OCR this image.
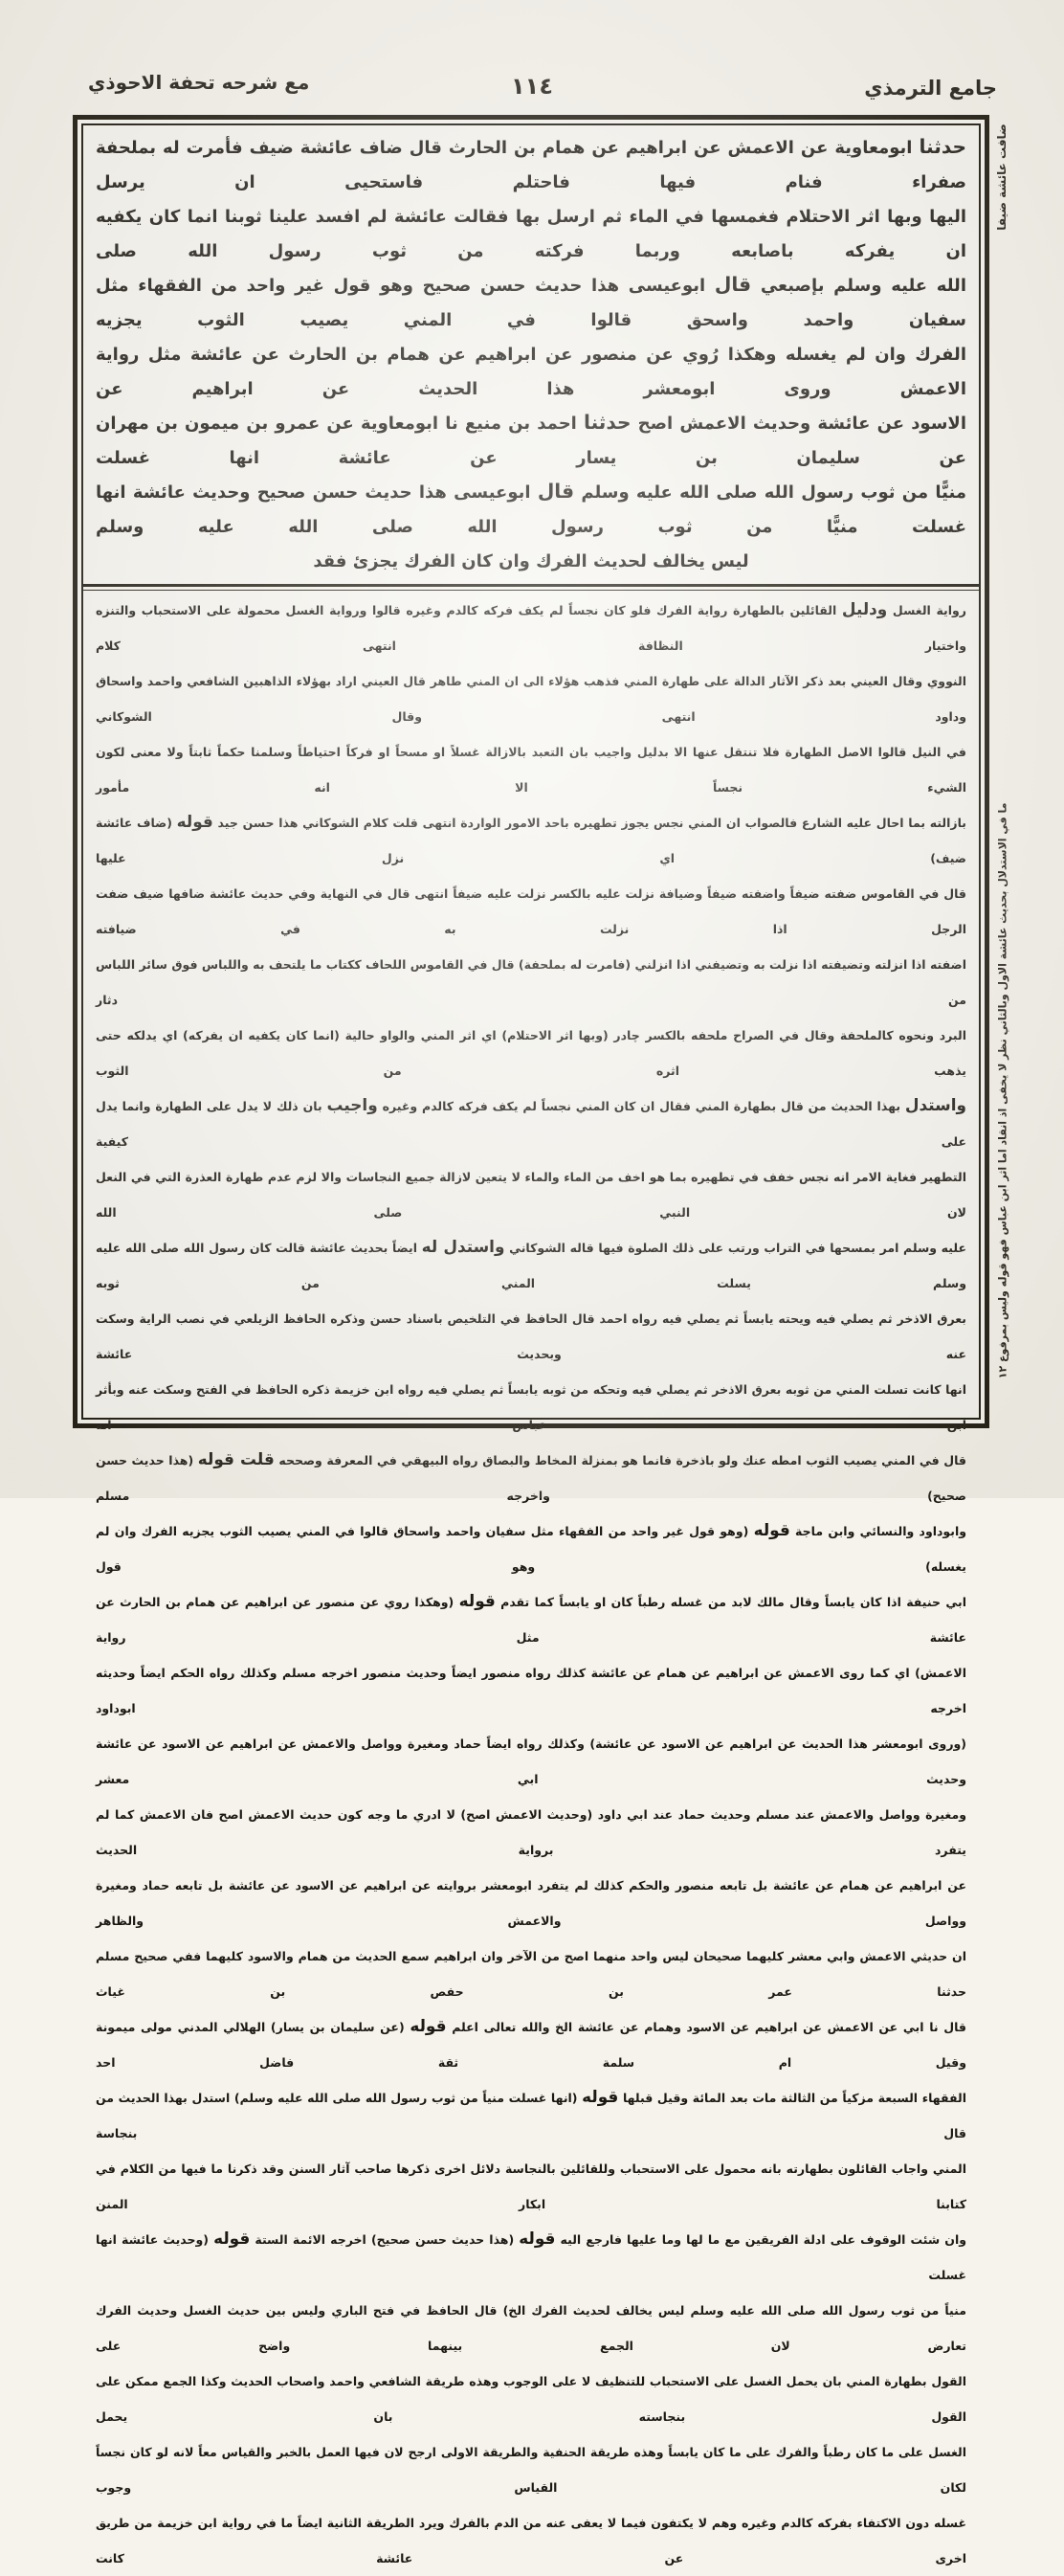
جامع الترمذي
١١٤
مع شرحه تحفة الاحوذي
حدثنا ابومعاوية عن الاعمش عن ابراهيم عن همام بن الحارث قال ضاف عائشة ضيف فأمرت له بملحفة صفراء فنام فيها فاحتلم فاستحيى ان يرسل
اليها وبها اثر الاحتلام فغمسها في الماء ثم ارسل بها فقالت عائشة لم افسد علينا ثوبنا انما كان يكفيه ان يفركه باصابعه وربما فركته من ثوب رسول الله صلى
الله عليه وسلم بإصبعي قال ابوعيسى هذا حديث حسن صحيح وهو قول غير واحد من الفقهاء مثل سفيان واحمد واسحق قالوا في المني يصيب الثوب يجزيه
الفرك وان لم يغسله وهكذا رُوي عن منصور عن ابراهيم عن همام بن الحارث عن عائشة مثل رواية الاعمش وروى ابومعشر هذا الحديث عن ابراهيم عن
الاسود عن عائشة وحديث الاعمش اصح حدثنا احمد بن منيع نا ابومعاوية عن عمرو بن ميمون بن مهران عن سليمان بن يسار عن عائشة انها غسلت
منيًّا من ثوب رسول الله صلى الله عليه وسلم قال ابوعيسى هذا حديث حسن صحيح وحديث عائشة انها غسلت منيًّا من ثوب رسول الله صلى الله عليه وسلم
ليس يخالف لحديث الفرك وان كان الفرك يجزئ فقد
رواية الغسل ودليل القائلين بالطهارة رواية الفرك فلو كان نجساً لم يكف فركه كالدم وغيره قالوا ورواية الغسل محمولة على الاستحباب والتنزه واختيار النظافة انتهى كلام
النووي وقال العيني بعد ذكر الآثار الدالة على طهارة المني فذهب هؤلاء الى ان المني طاهر قال العيني اراد بهؤلاء الذاهبين الشافعي واحمد واسحاق وداود انتهى وقال الشوكاني
في النيل قالوا الاصل الطهارة فلا تنتقل عنها الا بدليل واجيب بان التعبد بالازالة غسلاً او مسحاً او فركاً احتياطاً وسلمنا حكماً ثابتاً ولا معنى لكون الشيء نجساً الا انه مأمور
بازالته بما احال عليه الشارع فالصواب ان المني نجس يجوز تطهيره باحد الامور الواردة انتهى قلت كلام الشوكاني هذا حسن جيد قوله (ضاف عائشة ضيف) اي نزل عليها
قال في القاموس ضفته ضيفاً واضفته ضيفاً وضيافة نزلت عليه بالكسر نزلت عليه ضيفاً انتهى قال في النهاية وفي حديث عائشة ضافها ضيف ضفت الرجل اذا نزلت به في ضيافته
اضفته اذا انزلته وتضيفته اذا نزلت به وتضيفني اذا انزلني (فامرت له بملحفة) قال في القاموس اللحاف ككتاب ما يلتحف به واللباس فوق سائر اللباس من دثار
البرد ونحوه كالملحفة وقال في الصراح ملحفه بالكسر چادر (وبها اثر الاحتلام) اي اثر المني والواو حالية (انما كان يكفيه ان يفركه) اي يدلكه حتى يذهب اثره من الثوب
واستدل بهذا الحديث من قال بطهارة المني فقال ان كان المني نجساً لم يكف فركه كالدم وغيره واجيب بان ذلك لا يدل على الطهارة وانما يدل على كيفية
التطهير فغاية الامر انه نجس خفف في تطهيره بما هو اخف من الماء والماء لا يتعين لازالة جميع النجاسات والا لزم عدم طهارة العذرة التي في النعل لان النبي صلى الله
عليه وسلم امر بمسحها في التراب ورتب على ذلك الصلوة فيها قاله الشوكاني واستدل له ايضاً بحديث عائشة قالت كان رسول الله صلى الله عليه وسلم يسلت المني من ثوبه
بعرق الاذخر ثم يصلي فيه ويحته يابساً ثم يصلي فيه رواه احمد قال الحافظ في التلخيص باسناد حسن وذكره الحافظ الزيلعي في نصب الراية وسكت عنه وبحديث عائشة
انها كانت تسلت المني من ثوبه بعرق الاذخر ثم يصلي فيه وتحكه من ثوبه يابساً ثم يصلي فيه رواه ابن خزيمة ذكره الحافظ في الفتح وسكت عنه وبأثر ابن عباس انه
قال في المني يصيب الثوب امطه عنك ولو باذخرة فانما هو بمنزلة المخاط والبصاق رواه البيهقي في المعرفة وصححه قلت قوله (هذا حديث حسن صحيح) واخرجه مسلم
وابوداود والنسائي وابن ماجة قوله (وهو قول غير واحد من الفقهاء مثل سفيان واحمد واسحاق قالوا في المني يصيب الثوب يجزيه الفرك وان لم يغسله) وهو قول
ابي حنيفة اذا كان يابساً وقال مالك لابد من غسله رطباً كان او يابساً كما تقدم قوله (وهكذا روي عن منصور عن ابراهيم عن همام بن الحارث عن عائشة مثل رواية
الاعمش) اي كما روى الاعمش عن ابراهيم عن همام عن عائشة كذلك رواه منصور ايضاً وحديث منصور اخرجه مسلم وكذلك رواه الحكم ايضاً وحديثه اخرجه ابوداود
(وروى ابومعشر هذا الحديث عن ابراهيم عن الاسود عن عائشة) وكذلك رواه ايضاً حماد ومغيرة وواصل والاعمش عن ابراهيم عن الاسود عن عائشة وحديث ابي معشر
ومغيرة وواصل والاعمش عند مسلم وحديث حماد عند ابي داود (وحديث الاعمش اصح) لا ادري ما وجه كون حديث الاعمش اصح فان الاعمش كما لم يتفرد برواية الحديث
عن ابراهيم عن همام عن عائشة بل تابعه منصور والحكم كذلك لم يتفرد ابومعشر بروايته عن ابراهيم عن الاسود عن عائشة بل تابعه حماد ومغيرة وواصل والاعمش والظاهر
ان حديثي الاعمش وابي معشر كليهما صحيحان ليس واحد منهما اصح من الآخر وان ابراهيم سمع الحديث من همام والاسود كليهما ففي صحيح مسلم حدثنا عمر بن حفص بن غياث
قال نا ابي عن الاعمش عن ابراهيم عن الاسود وهمام عن عائشة الخ والله تعالى اعلم قوله (عن سليمان بن يسار) الهلالي المدني مولى ميمونة وقيل ام سلمة ثقة فاضل احد
الفقهاء السبعة مزكياً من الثالثة مات بعد المائة وقيل قبلها قوله (انها غسلت منياً من ثوب رسول الله صلى الله عليه وسلم) استدل بهذا الحديث من قال بنجاسة
المني واجاب القائلون بطهارته بانه محمول على الاستحباب وللقائلين بالنجاسة دلائل اخرى ذكرها صاحب آثار السنن وقد ذكرنا ما فيها من الكلام في كتابنا ابكار المنن
وان شئت الوقوف على ادلة الفريقين مع ما لها وما عليها فارجع اليه قوله (هذا حديث حسن صحيح) اخرجه الائمة الستة قوله (وحديث عائشة انها غسلت
منياً من ثوب رسول الله صلى الله عليه وسلم ليس يخالف لحديث الفرك الخ) قال الحافظ في فتح الباري وليس بين حديث الغسل وحديث الفرك تعارض لان الجمع بينهما واضح على
القول بطهارة المني بان يحمل الغسل على الاستحباب للتنظيف لا على الوجوب وهذه طريقة الشافعي واحمد واصحاب الحديث وكذا الجمع ممكن على القول بنجاسته بان يحمل
الغسل على ما كان رطباً والفرك على ما كان يابساً وهذه طريقة الحنفية والطريقة الاولى ارجح لان فيها العمل بالخبر والقياس معاً لانه لو كان نجساً لكان القياس وجوب
غسله دون الاكتفاء بفركه كالدم وغيره وهم لا يكتفون فيما لا يعفى عنه من الدم بالفرك ويرد الطريقة الثانية ايضاً ما في رواية ابن خزيمة من طريق اخرى عن عائشة كانت
ضافت عائشة ضيفا
ما في الاستدلال بحديث عائشة الاول وبالثاني نظر لا يخفى اذ انقاد اما اثر ابن عباس فهو قوله وليس بمرفوع ١٢
